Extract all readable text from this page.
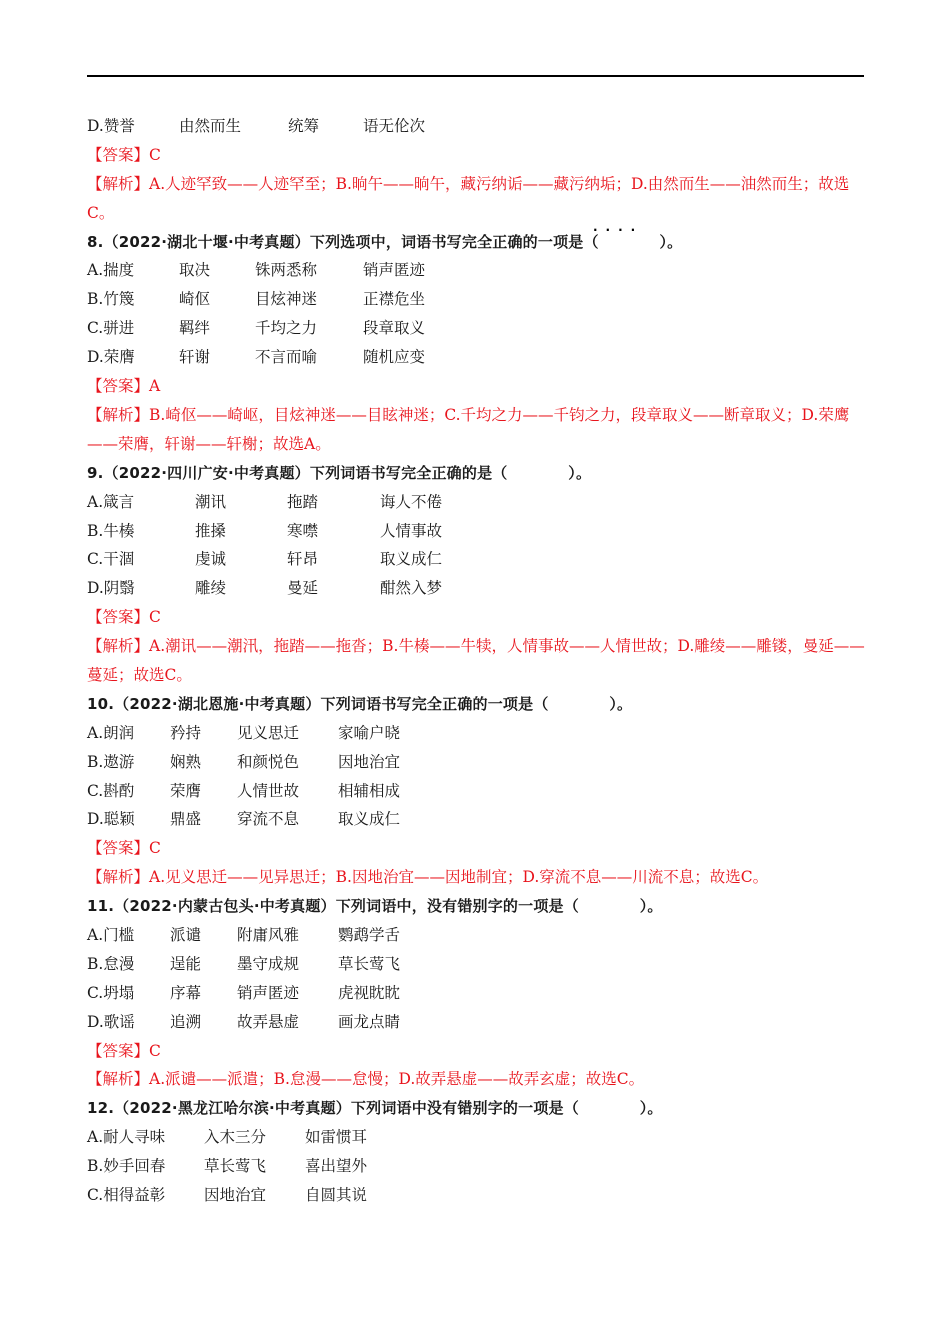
D.赞誉	由然而生	统筹	语无伦次
【答案】C
【解析】A.人迹罕致——人迹罕至；B.晌午——晌午，藏污纳诟——藏污纳垢；D.由然而生——油然而生；故选C。
····
8.（2022·湖北十堰·中考真题）下列选项中，词语书写完全正确的一项是（　　　　）。
A.揣度	取决	铢两悉称	销声匿迹
B.竹篾	崎伛	目炫神迷	正襟危坐
C.骈进	羁绊	千均之力	段章取义
D.荣膺	轩谢	不言而喻	随机应变
【答案】A
【解析】B.崎伛——崎岖，目炫神迷——目眩神迷；C.千均之力——千钧之力，段章取义——断章取义；D.荣鹰——荣膺，轩谢——轩榭；故选A。
9.（2022·四川广安·中考真题）下列词语书写完全正确的是（　　　　）。
A.箴言	潮讯	拖踏	诲人不倦
B.牛楱	推搡	寒噤	人情事故
C.干涸	虔诚	轩昂	取义成仁
D.阴翳	雕绫	曼延	酣然入梦
【答案】C
【解析】A.潮讯——潮汛，拖踏——拖沓；B.牛楱——牛犊，人情事故——人情世故；D.雕绫——雕镂，曼延——蔓延；故选C。
10.（2022·湖北恩施·中考真题）下列词语书写完全正确的一项是（　　　　）。
A.朗润	矜持	见义思迁	家喻户晓
B.遨游	娴熟	和颜悦色	因地治宜
C.斟酌	荣膺	人情世故	相辅相成
D.聪颖	鼎盛	穿流不息	取义成仁
【答案】C
【解析】A.见义思迁——见异思迁；B.因地治宜——因地制宜；D.穿流不息——川流不息；故选C。
11.（2022·内蒙古包头·中考真题）下列词语中，没有错别字的一项是（　　　　）。
A.门槛	派谴	附庸风雅	鹦鹉学舌
B.怠漫	逞能	墨守成规	草长莺飞
C.坍塌	序幕	销声匿迹	虎视眈眈
D.歌谣	追溯	故弄悬虚	画龙点睛
【答案】C
【解析】A.派谴——派遣；B.怠漫——怠慢；D.故弄悬虚——故弄玄虚；故选C。
12.（2022·黑龙江哈尔滨·中考真题）下列词语中没有错别字的一项是（　　　　）。
A.耐人寻味	入木三分	如雷惯耳
B.妙手回春	草长莺飞	喜出望外
C.相得益彰	因地治宜	自圆其说
